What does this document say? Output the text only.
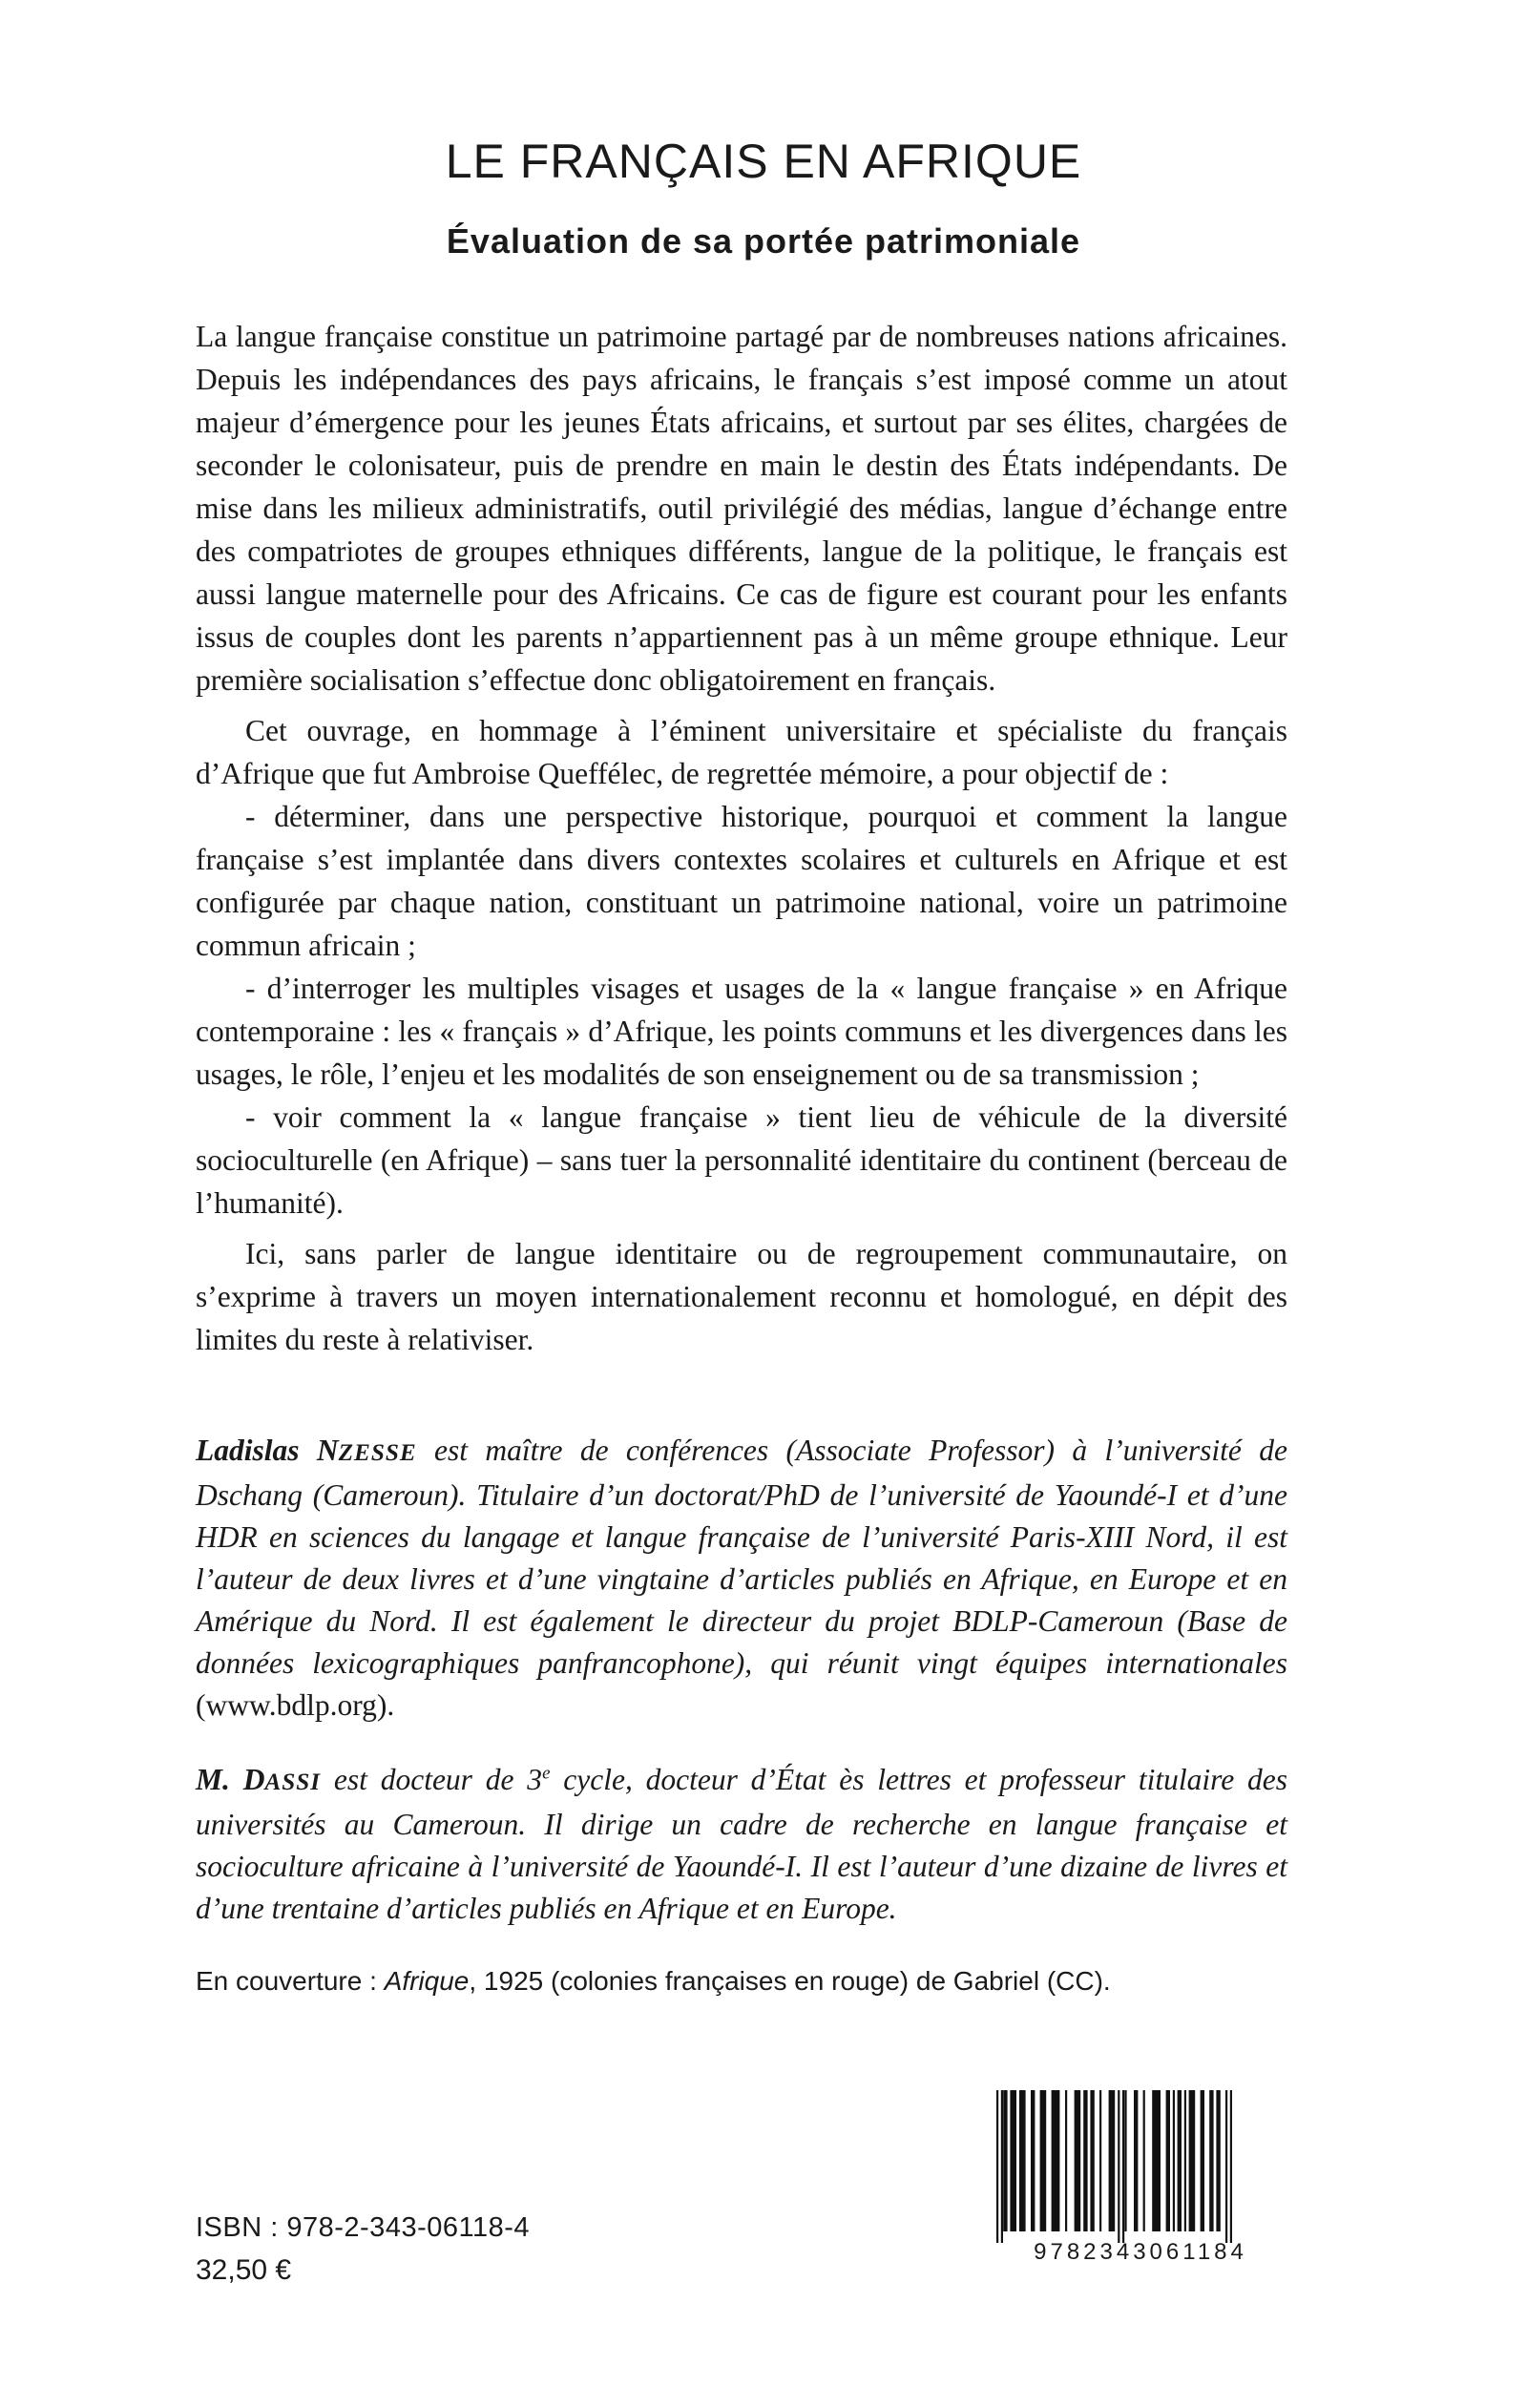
LE FRANÇAIS EN AFRIQUE
Évaluation de sa portée patrimoniale

La langue française constitue un patrimoine partagé par de nombreuses nations africaines. Depuis les indépendances des pays africains, le français s’est imposé comme un atout majeur d’émergence pour les jeunes États africains, et surtout par ses élites, chargées de seconder le colonisateur, puis de prendre en main le destin des États indépendants. De mise dans les milieux administratifs, outil privilégié des médias, langue d’échange entre des compatriotes de groupes ethniques différents, langue de la politique, le français est aussi langue maternelle pour des Africains. Ce cas de figure est courant pour les enfants issus de couples dont les parents n’appartiennent pas à un même groupe ethnique. Leur première socialisation s’effectue donc obligatoirement en français.

Cet ouvrage, en hommage à l’éminent universitaire et spécialiste du français d’Afrique que fut Ambroise Queffélec, de regrettée mémoire, a pour objectif de :

- déterminer, dans une perspective historique, pourquoi et comment la langue française s’est implantée dans divers contextes scolaires et culturels en Afrique et est configurée par chaque nation, constituant un patrimoine national, voire un patrimoine commun africain ;

- d’interroger les multiples visages et usages de la « langue française » en Afrique contemporaine : les « français » d’Afrique, les points communs et les divergences dans les usages, le rôle, l’enjeu et les modalités de son enseignement ou de sa transmission ;

- voir comment la « langue française » tient lieu de véhicule de la diversité socioculturelle (en Afrique) – sans tuer la personnalité identitaire du continent (berceau de l’humanité).

Ici, sans parler de langue identitaire ou de regroupement communautaire, on s’exprime à travers un moyen internationalement reconnu et homologué, en dépit des limites du reste à relativiser.

Ladislas NZESSE est maître de conférences (Associate Professor) à l’université de Dschang (Cameroun). Titulaire d’un doctorat/PhD de l’université de Yaoundé-I et d’une HDR en sciences du langage et langue française de l’université Paris-XIII Nord, il est l’auteur de deux livres et d’une vingtaine d’articles publiés en Afrique, en Europe et en Amérique du Nord. Il est également le directeur du projet BDLP-Cameroun (Base de données lexicographiques panfrancophone), qui réunit vingt équipes internationales (www.bdlp.org).

M. DASSI est docteur de 3e cycle, docteur d’État ès lettres et professeur titulaire des universités au Cameroun. Il dirige un cadre de recherche en langue française et socioculture africaine à l’université de Yaoundé-I. Il est l’auteur d’une dizaine de livres et d’une trentaine d’articles publiés en Afrique et en Europe.

En couverture : Afrique, 1925 (colonies françaises en rouge) de Gabriel (CC).
9782343061184
ISBN : 978-2-343-06118-4
32,50 €
